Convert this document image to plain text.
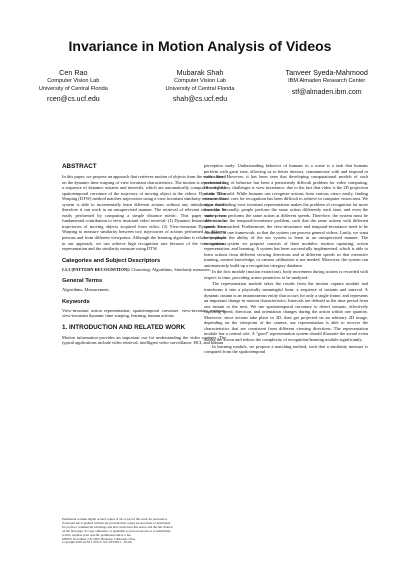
Invariance in Motion Analysis of Videos
Cen Rao
Computer Vision Lab
University of Central Florida
rcen@cs.ucf.edu
Mubarak Shah
Computer Vision Lab
University of Central Florida
shah@cs.ucf.edu
Tanveer Syeda-Mahmood
IBM Almaden Research Center
stf@almaden.ibm.com
ABSTRACT

In this paper, we propose an approach that retrieves motion of objects from the videos based on the dynamic time warping of view invariant characteristics. The motion is represented as a sequence of dynamic instants and intervals, which are automatically computed using the spatiotemporal curvature of the trajectory of moving object in the videos. Dynamic Time Warping (DTW) method matches trajectories using a view invariant similarity measure. Our system is able to incrementally learn different actions without any initialization mode, therefore it can work in an unsupervised manner. The retrieval of relevant videos can be easily performed by computing a simple distance metric. This paper makes two fundamental contribution to view invariant video retrieval: (1) Dynamic Instant detection in trajectories of moving objects acquired from video. (2) View-invariant Dynamic Time Warping to measure similarity between two trajectories of actions performed by different persons and from different viewpoints. Although the learning algorithm is relatively simple in our approach, we can achieve high recognition rate because of the view-invariant representation and the similarity measure using DTW.

Categories and Subject Descriptors

I.5.3 [PATTERN RECOGNITION]: Clustering: Algorithms, Similarity measures.

General Terms

Algorithms, Measurement.

Keywords

View-invariant action representation, spatiotemporal curvature, view-invariant measure, view-invariant dynamic time warping, learning, human actions.

1. INTRODUCTION AND RELATED WORK

Motion information provides an important cue for understanding the video contents. The typical applications include video retrieval, intelligent video surveillance, HCI, and human

Permission to make digital or hard copies of all or part of this work for personal or
classroom use is granted without fee provided that copies are not made or distributed
for profit or commercial advantage and that copies bear this notice and the full citation
on the first page. To copy otherwise, or republish, to post on servers or to redistribute
to lists, requires prior specific permission and/or a fee.
MM'03, November 2-8, 2003, Berkeley, California, USA.
Copyright 2003 ACM 1-58113-722-2/03/0011…$5.00.

perception study. Understanding behavior of humans in a scene is a task that humans perform with great ease, allowing us to better interact, communicate with and respond to each other. However, it has been seen that developing computational models of such understanding of behavior has been a persistently difficult problem for video computing. One of the key challenges is view invariance, due to the fact that video is the 2D projection of the 3D world. While humans can recognize actions from various views easily, finding view invariant cues for recognition has been difficult to achieve in computer vision area. We argue that finding view invariant representation makes the problem of recognition far more tractable. Secondly, people perform the same action differently each time, and even the same person performs the same action at different speeds. Therefore, the system must be able to solve the temporal-invariance problem, such that the same actions with different speeds are matched. Furthermore, the view-invariance and temporal-invariance need to be combined in one framework, so that the system can process general videos. Lastly, we want to emphasis the ability of the our system to learn in an unsupervised manner. The recognition system we propose consists of three modules: motion capturing, action representation, and learning. A system has been successfully implemented, which is able to learn actions from different viewing directions and at different speeds so that extensive training, context knowledge, or camera calibration is not needed. Moreover, the system can autonomously build up a recognition category database.

In the first module (motion extraction), body movement during actions is recorded with respect to time, providing action primitives to be analyzed.

The representation module takes the results from the motion capture module and transforms it into a physically meaningful form: a sequence of instants and interval. A dynamic instant is an instantaneous entity that occurs for only a single frame, and represents an important change in motion characteristics. Intervals are defined as the time period from one instant to the next. We use spatiotemporal curvature to detect instants, effectively capturing speed, direction, and orientation changes during the action within one quantity. Moreover, since actions take place in 3D, then get projected on an arbitrary 2D image, depending on the viewpoint of the camera, our representation is able to recover the characteristics that are consistent from different viewing directions. The representation module has a central role. A "good" representation system should illustrate the actual event during the action and reduce the complexity of recognition/learning module significantly.

In learning module, we propose a matching method, such that a similarity measure is computed from the spatiotemporal
